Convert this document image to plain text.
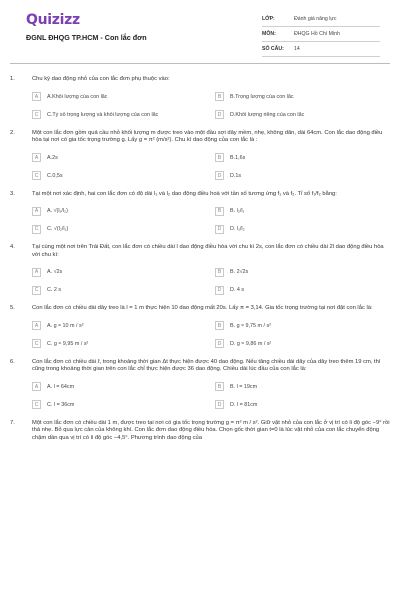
Quizizz
ĐGNL ĐHQG TP.HCM - Con lắc đơn
LỚP:	Đánh giá năng lực
MÔN:	ĐHQG Hồ Chí Minh
SỐ CÂU:	14
1.	Chu kỳ dao động nhỏ của con lắc đơn phụ thuộc vào:
A	A.Khối lượng của con lắc	B	B.Trọng lượng của con lắc
C	C.Tỷ số trọng lượng và khối lượng của con lắc	D	D.Khối lượng riêng của con lắc
2.	Một con lắc đơn gồm quả cầu nhỏ khối lượng m được treo vào một đầu sợi dây mềm, nhẹ, không dãn, dài 64cm. Con lắc dao động điều hòa tại nơi có gia tốc trọng trường g. Lấy g = π² (m/s²). Chu kì dao động của con lắc là :
A	A.2s	B	B.1,6s
C	C.0,5s	D	D.1s
3.	Tại một nơi xác định, hai con lắc đơn có độ dài l₁ và l₂ dao động điều hoà với tần số tương ứng f₁ và f₂. Tỉ số f₁/f₂ bằng:
A	A. √(l₁/l₂)	B	B. l₂/l₁
C	C. √(l₂/l₁)	D	D. l₁/l₂
4.	Tại cùng một nơi trên Trái Đất, con lắc đơn có chiều dài l dao động điều hòa với chu kì 2s, con lắc đơn có chiều dài 2l dao động điều hòa với chu kì:
A	A. √2s	B	B. 2√2s
C	C. 2 s	D	D. 4 s
5.	Con lắc đơn có chiều dài dây treo là l = 1 m thực hiện 10 dao động mất 20s. Lấy π = 3,14. Gia tốc trọng trường tại nơi đặt con lắc là:
A	A. g ≈ 10 m / s²	B	B. g ≈ 9,75 m / s²
C	C. g ≈ 9,95 m / s²	D	D. g ≈ 9,86 m / s²
6.	Con lắc đơn có chiều dài ℓ, trong khoảng thời gian Δt thực hiện được 40 dao động. Nếu tăng chiều dài dây của dây treo thêm 19 cm, thì cũng trong khoảng thời gian trên con lắc chỉ thực hiện được 36 dao động. Chiều dài lúc đầu của con lắc là:
A	A. l = 64cm	B	B. l = 19cm
C	C. l = 36cm	D	D. l = 81cm
7.	Một con lắc đơn có chiều dài 1 m, được treo tại nơi có gia tốc trọng trường g = π² m / s². Giữ vật nhỏ của con lắc ở vị trí có li độ góc −9° rồi thả nhẹ. Bỏ qua lực cản của không khí. Con lắc đơn dao động điều hòa. Chọn gốc thời gian t=0 là lúc vật nhỏ của con lắc chuyển động chậm dần qua vị trí có li độ góc −4,5°. Phương trình dao động của
